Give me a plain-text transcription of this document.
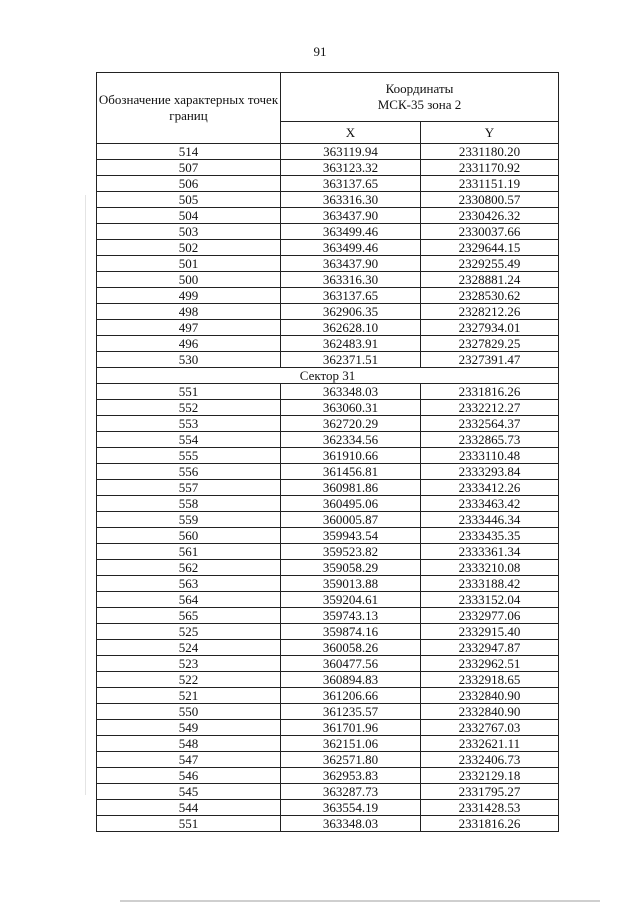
91
Обозначение характерных точек границ	Координаты
МСК-35 зона 2	

	X	Y
514	363119.94	2331180.20
507	363123.32	2331170.92
506	363137.65	2331151.19
505	363316.30	2330800.57
504	363437.90	2330426.32
503	363499.46	2330037.66
502	363499.46	2329644.15
501	363437.90	2329255.49
500	363316.30	2328881.24
499	363137.65	2328530.62
498	362906.35	2328212.26
497	362628.10	2327934.01
496	362483.91	2327829.25
530	362371.51	2327391.47
Сектор 31		
551	363348.03	2331816.26
552	363060.31	2332212.27
553	362720.29	2332564.37
554	362334.56	2332865.73
555	361910.66	2333110.48
556	361456.81	2333293.84
557	360981.86	2333412.26
558	360495.06	2333463.42
559	360005.87	2333446.34
560	359943.54	2333435.35
561	359523.82	2333361.34
562	359058.29	2333210.08
563	359013.88	2333188.42
564	359204.61	2333152.04
565	359743.13	2332977.06
525	359874.16	2332915.40
524	360058.26	2332947.87
523	360477.56	2332962.51
522	360894.83	2332918.65
521	361206.66	2332840.90
550	361235.57	2332840.90
549	361701.96	2332767.03
548	362151.06	2332621.11
547	362571.80	2332406.73
546	362953.83	2332129.18
545	363287.73	2331795.27
544	363554.19	2331428.53
551	363348.03	2331816.26
